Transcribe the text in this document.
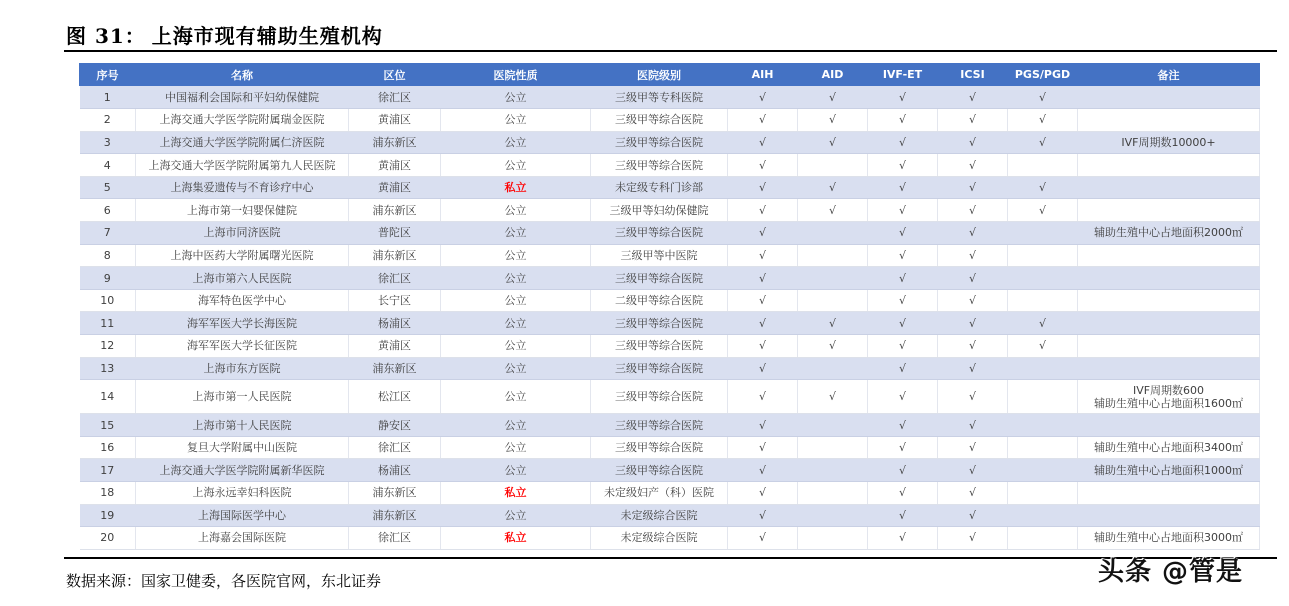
图 31： 上海市现有辅助生殖机构
序号	名称	区位	医院性质	医院级别	AIH	AID	IVF-ET	ICSI	PGS/PGD	备注
1	中国福利会国际和平妇幼保健院	徐汇区	公立	三级甲等专科医院	√	√	√	√	√	

2	上海交通大学医学院附属瑞金医院	黄浦区	公立	三级甲等综合医院	√	√	√	√	√	

3	上海交通大学医学院附属仁济医院	浦东新区	公立	三级甲等综合医院	√	√	√	√	√	IVF周期数10000+

4	上海交通大学医学院附属第九人民医院	黄浦区	公立	三级甲等综合医院	√		√	√		

5	上海集爱遗传与不育诊疗中心	黄浦区	私立	未定级专科门诊部	√	√	√	√	√	

6	上海市第一妇婴保健院	浦东新区	公立	三级甲等妇幼保健院	√	√	√	√	√	

7	上海市同济医院	普陀区	公立	三级甲等综合医院	√		√	√		辅助生殖中心占地面积2000㎡

8	上海中医药大学附属曙光医院	浦东新区	公立	三级甲等中医院	√		√	√		

9	上海市第六人民医院	徐汇区	公立	三级甲等综合医院	√		√	√		

10	海军特色医学中心	长宁区	公立	二级甲等综合医院	√		√	√		

11	海军军医大学长海医院	杨浦区	公立	三级甲等综合医院	√	√	√	√	√	

12	海军军医大学长征医院	黄浦区	公立	三级甲等综合医院	√	√	√	√	√	

13	上海市东方医院	浦东新区	公立	三级甲等综合医院	√		√	√		

14	上海市第一人民医院	松江区	公立	三级甲等综合医院	√	√	√	√		IVF周期数600
辅助生殖中心占地面积1600㎡

15	上海市第十人民医院	静安区	公立	三级甲等综合医院	√		√	√		

16	复旦大学附属中山医院	徐汇区	公立	三级甲等综合医院	√		√	√		辅助生殖中心占地面积3400㎡

17	上海交通大学医学院附属新华医院	杨浦区	公立	三级甲等综合医院	√		√	√		辅助生殖中心占地面积1000㎡

18	上海永远幸妇科医院	浦东新区	私立	未定级妇产（科）医院	√		√	√		

19	上海国际医学中心	浦东新区	公立	未定级综合医院	√		√	√		

20	上海嘉会国际医院	徐汇区	私立	未定级综合医院	√		√	√		辅助生殖中心占地面积3000㎡
数据来源：国家卫健委，各医院官网，东北证券	头条 @管是
